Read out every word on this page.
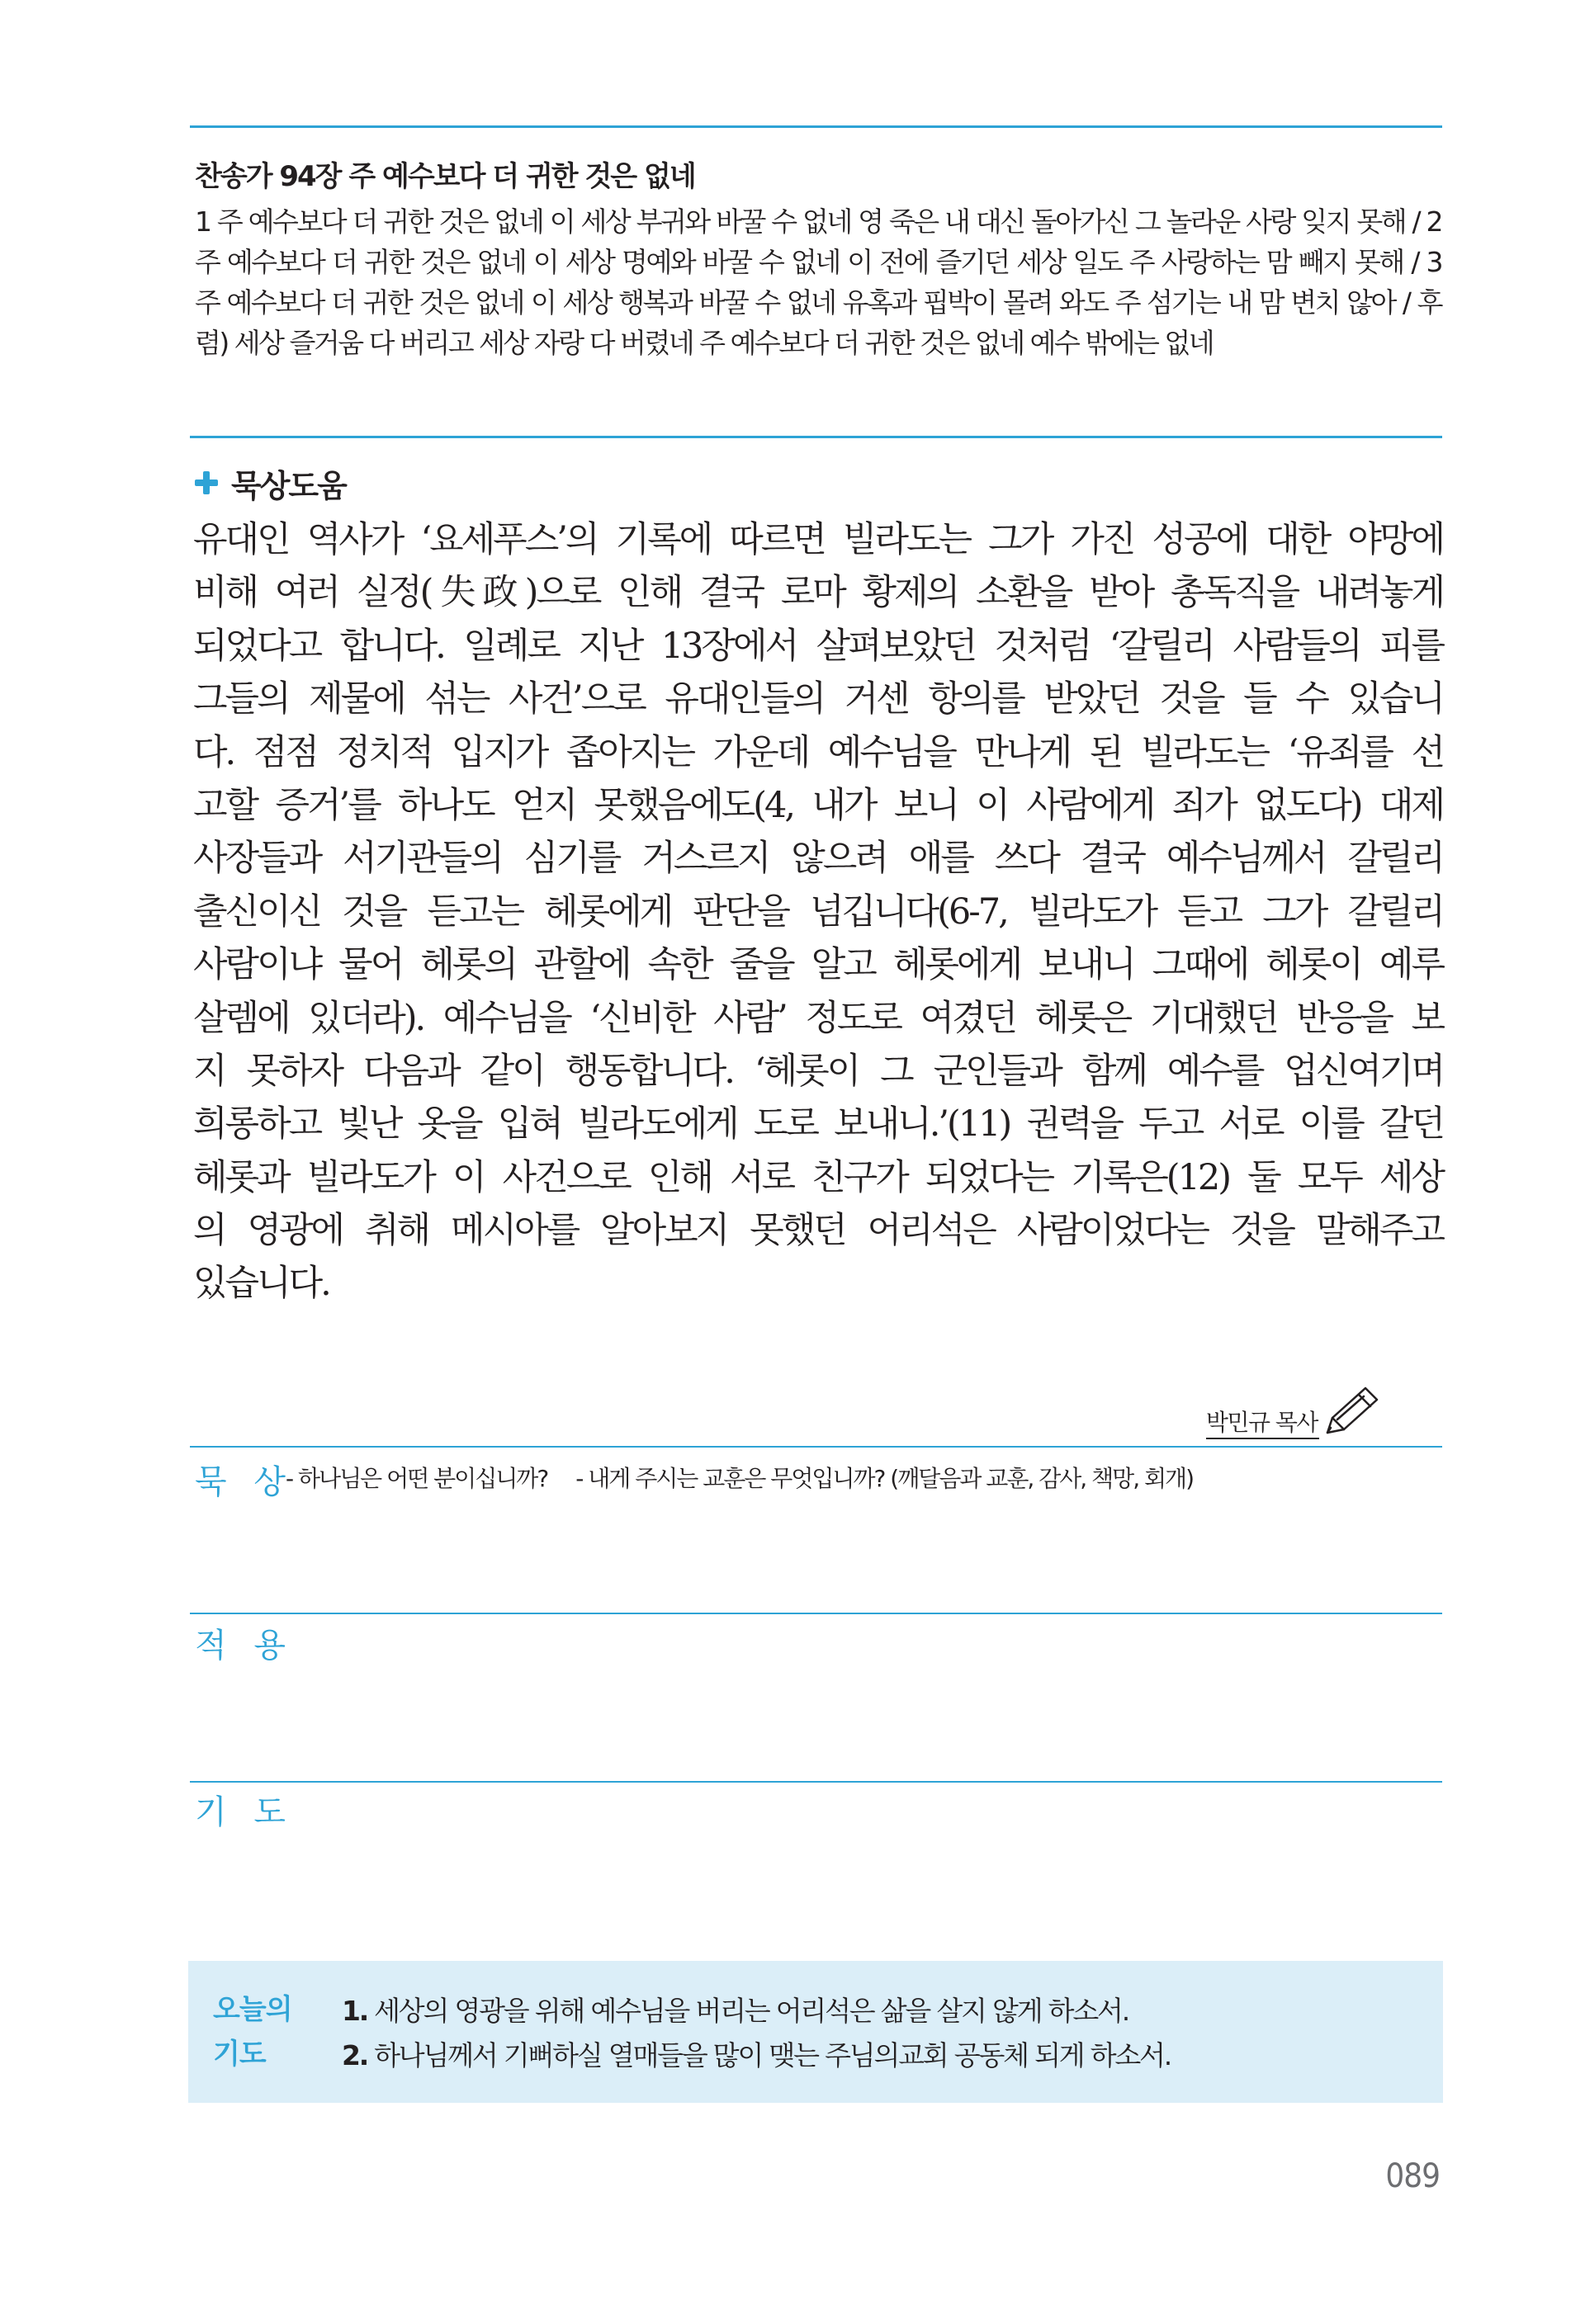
찬송가 94장 주 예수보다 더 귀한 것은 없네
1 주 예수보다 더 귀한 것은 없네 이 세상 부귀와 바꿀 수 없네 영 죽은 내 대신 돌아가신 그 놀라운 사랑 잊지 못해 / 2 주 예수보다 더 귀한 것은 없네 이 세상 명예와 바꿀 수 없네 이 전에 즐기던 세상 일도 주 사랑하는 맘 빼지 못해 / 3 주 예수보다 더 귀한 것은 없네 이 세상 행복과 바꿀 수 없네 유혹과 핍박이 몰려 와도 주 섬기는 내 맘 변치 않아 / 후렴) 세상 즐거움 다 버리고 세상 자랑 다 버렸네 주 예수보다 더 귀한 것은 없네 예수 밖에는 없네
묵상도움
유대인 역사가 ‘요세푸스’의 기록에 따르면 빌라도는 그가 가진 성공에 대한 야망에
비해 여러 실정(失政)으로 인해 결국 로마 황제의 소환을 받아 총독직을 내려놓게
되었다고 합니다. 일례로 지난 13장에서 살펴보았던 것처럼 ‘갈릴리 사람들의 피를
그들의 제물에 섞는 사건’으로 유대인들의 거센 항의를 받았던 것을 들 수 있습니
다. 점점 정치적 입지가 좁아지는 가운데 예수님을 만나게 된 빌라도는 ‘유죄를 선
고할 증거’를 하나도 얻지 못했음에도(4, 내가 보니 이 사람에게 죄가 없도다) 대제
사장들과 서기관들의 심기를 거스르지 않으려 애를 쓰다 결국 예수님께서 갈릴리
출신이신 것을 듣고는 헤롯에게 판단을 넘깁니다(6-7, 빌라도가 듣고 그가 갈릴리
사람이냐 물어 헤롯의 관할에 속한 줄을 알고 헤롯에게 보내니 그때에 헤롯이 예루
살렘에 있더라). 예수님을 ‘신비한 사람’ 정도로 여겼던 헤롯은 기대했던 반응을 보
지 못하자 다음과 같이 행동합니다. ‘헤롯이 그 군인들과 함께 예수를 업신여기며
희롱하고 빛난 옷을 입혀 빌라도에게 도로 보내니.’(11) 권력을 두고 서로 이를 갈던
헤롯과 빌라도가 이 사건으로 인해 서로 친구가 되었다는 기록은(12) 둘 모두 세상
의 영광에 취해 메시아를 알아보지 못했던 어리석은 사람이었다는 것을 말해주고
있습니다.
박민규 목사
묵 상
- 하나님은 어떤 분이십니까? - 내게 주시는 교훈은 무엇입니까? (깨달음과 교훈, 감사, 책망, 회개)
적 용
기 도
오늘의
기도
1. 세상의 영광을 위해 예수님을 버리는 어리석은 삶을 살지 않게 하소서.
2. 하나님께서 기뻐하실 열매들을 많이 맺는 주님의교회 공동체 되게 하소서.
089
